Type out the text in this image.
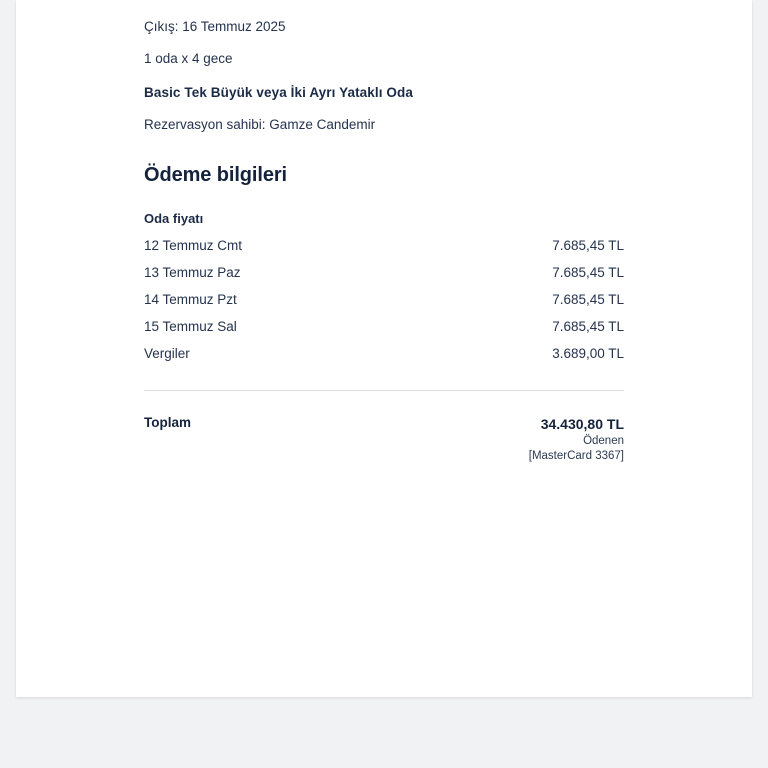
Çıkış: 16 Temmuz 2025
1 oda x 4 gece
Basic Tek Büyük veya İki Ayrı Yataklı Oda
Rezervasyon sahibi: Gamze Candemir
Ödeme bilgileri
Oda fiyatı
12 Temmuz Cmt	7.685,45 TL
13 Temmuz Paz	7.685,45 TL
14 Temmuz Pzt	7.685,45 TL
15 Temmuz Sal	7.685,45 TL
Vergiler	3.689,00 TL
Toplam	34.430,80 TL
Ödenen
[MasterCard 3367]
